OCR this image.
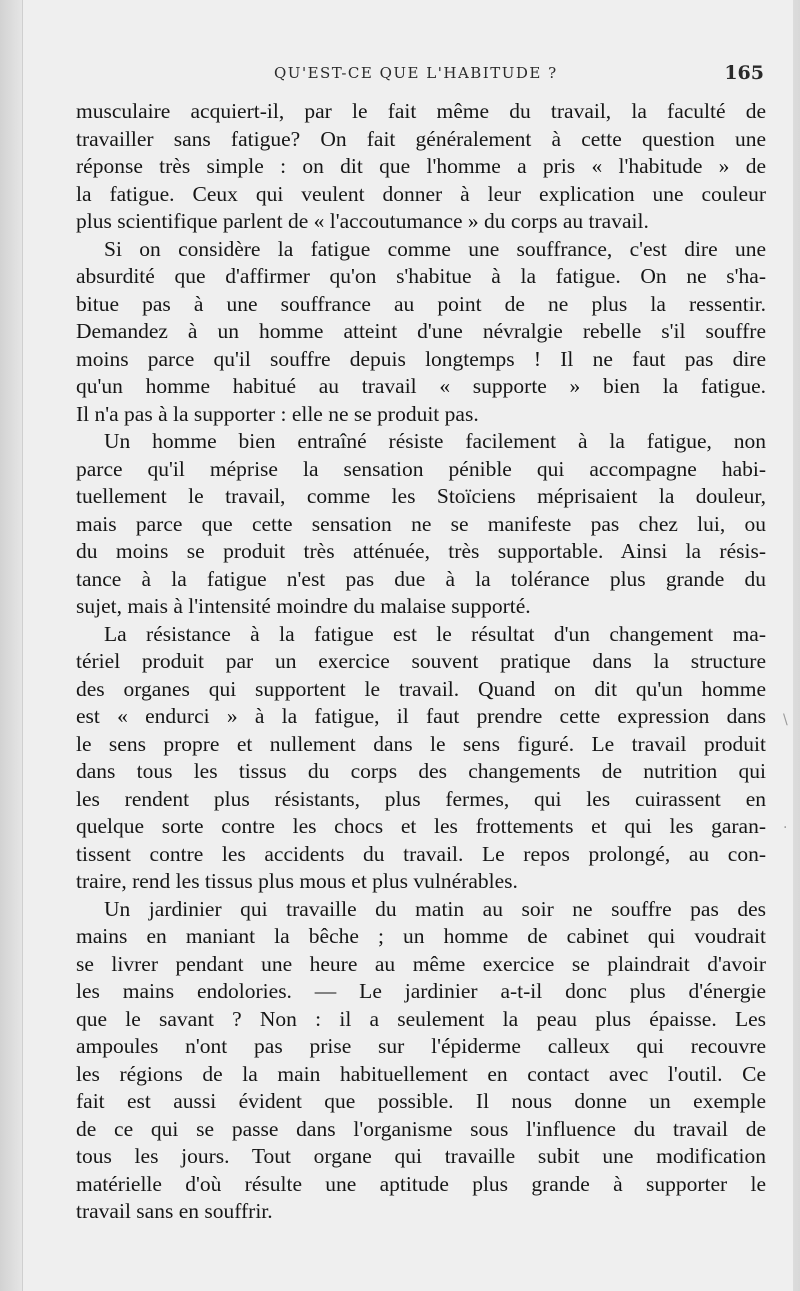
QU'EST-CE QUE L'HABITUDE ?	165
musculaire acquiert-il, par le fait même du travail, la faculté de
travailler sans fatigue? On fait généralement à cette question une
réponse très simple : on dit que l'homme a pris « l'habitude » de
la fatigue. Ceux qui veulent donner à leur explication une couleur
plus scientifique parlent de « l'accoutumance » du corps au travail.
Si on considère la fatigue comme une souffrance, c'est dire une
absurdité que d'affirmer qu'on s'habitue à la fatigue. On ne s'ha-
bitue pas à une souffrance au point de ne plus la ressentir.
Demandez à un homme atteint d'une névralgie rebelle s'il souffre
moins parce qu'il souffre depuis longtemps ! Il ne faut pas dire
qu'un homme habitué au travail « supporte » bien la fatigue.
Il n'a pas à la supporter : elle ne se produit pas.
Un homme bien entraîné résiste facilement à la fatigue, non
parce qu'il méprise la sensation pénible qui accompagne habi-
tuellement le travail, comme les Stoïciens méprisaient la douleur,
mais parce que cette sensation ne se manifeste pas chez lui, ou
du moins se produit très atténuée, très supportable. Ainsi la résis-
tance à la fatigue n'est pas due à la tolérance plus grande du
sujet, mais à l'intensité moindre du malaise supporté.
La résistance à la fatigue est le résultat d'un changement ma-
tériel produit par un exercice souvent pratique dans la structure
des organes qui supportent le travail. Quand on dit qu'un homme
est « endurci » à la fatigue, il faut prendre cette expression dans
le sens propre et nullement dans le sens figuré. Le travail produit
dans tous les tissus du corps des changements de nutrition qui
les rendent plus résistants, plus fermes, qui les cuirassent en
quelque sorte contre les chocs et les frottements et qui les garan-
tissent contre les accidents du travail. Le repos prolongé, au con-
traire, rend les tissus plus mous et plus vulnérables.
Un jardinier qui travaille du matin au soir ne souffre pas des
mains en maniant la bêche ; un homme de cabinet qui voudrait
se livrer pendant une heure au même exercice se plaindrait d'avoir
les mains endolories. — Le jardinier a-t-il donc plus d'énergie
que le savant ? Non : il a seulement la peau plus épaisse. Les
ampoules n'ont pas prise sur l'épiderme calleux qui recouvre
les régions de la main habituellement en contact avec l'outil. Ce
fait est aussi évident que possible. Il nous donne un exemple
de ce qui se passe dans l'organisme sous l'influence du travail de
tous les jours. Tout organe qui travaille subit une modification
matérielle d'où résulte une aptitude plus grande à supporter le
travail sans en souffrir.
\
·
